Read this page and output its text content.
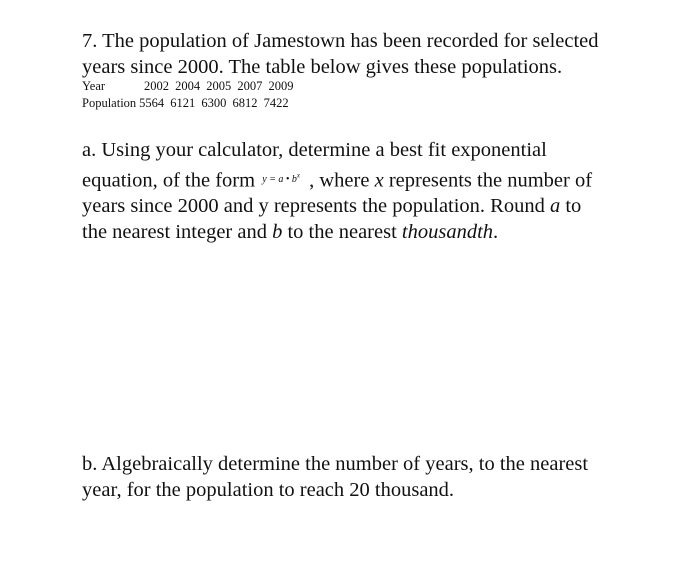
7. The population of Jamestown has been recorded for selected
years since 2000. The table below gives these populations.
Year	2002 2004 2005 2007 2009
Population 5564 6121 6300 6812 7422
a. Using your calculator, determine a best fit exponential
equation, of the form y = a • $b^x$ , where x represents the number of
years since 2000 and y represents the population. Round a to
the nearest integer and b to the nearest thousandth.
b. Algebraically determine the number of years, to the nearest
year, for the population to reach 20 thousand.
